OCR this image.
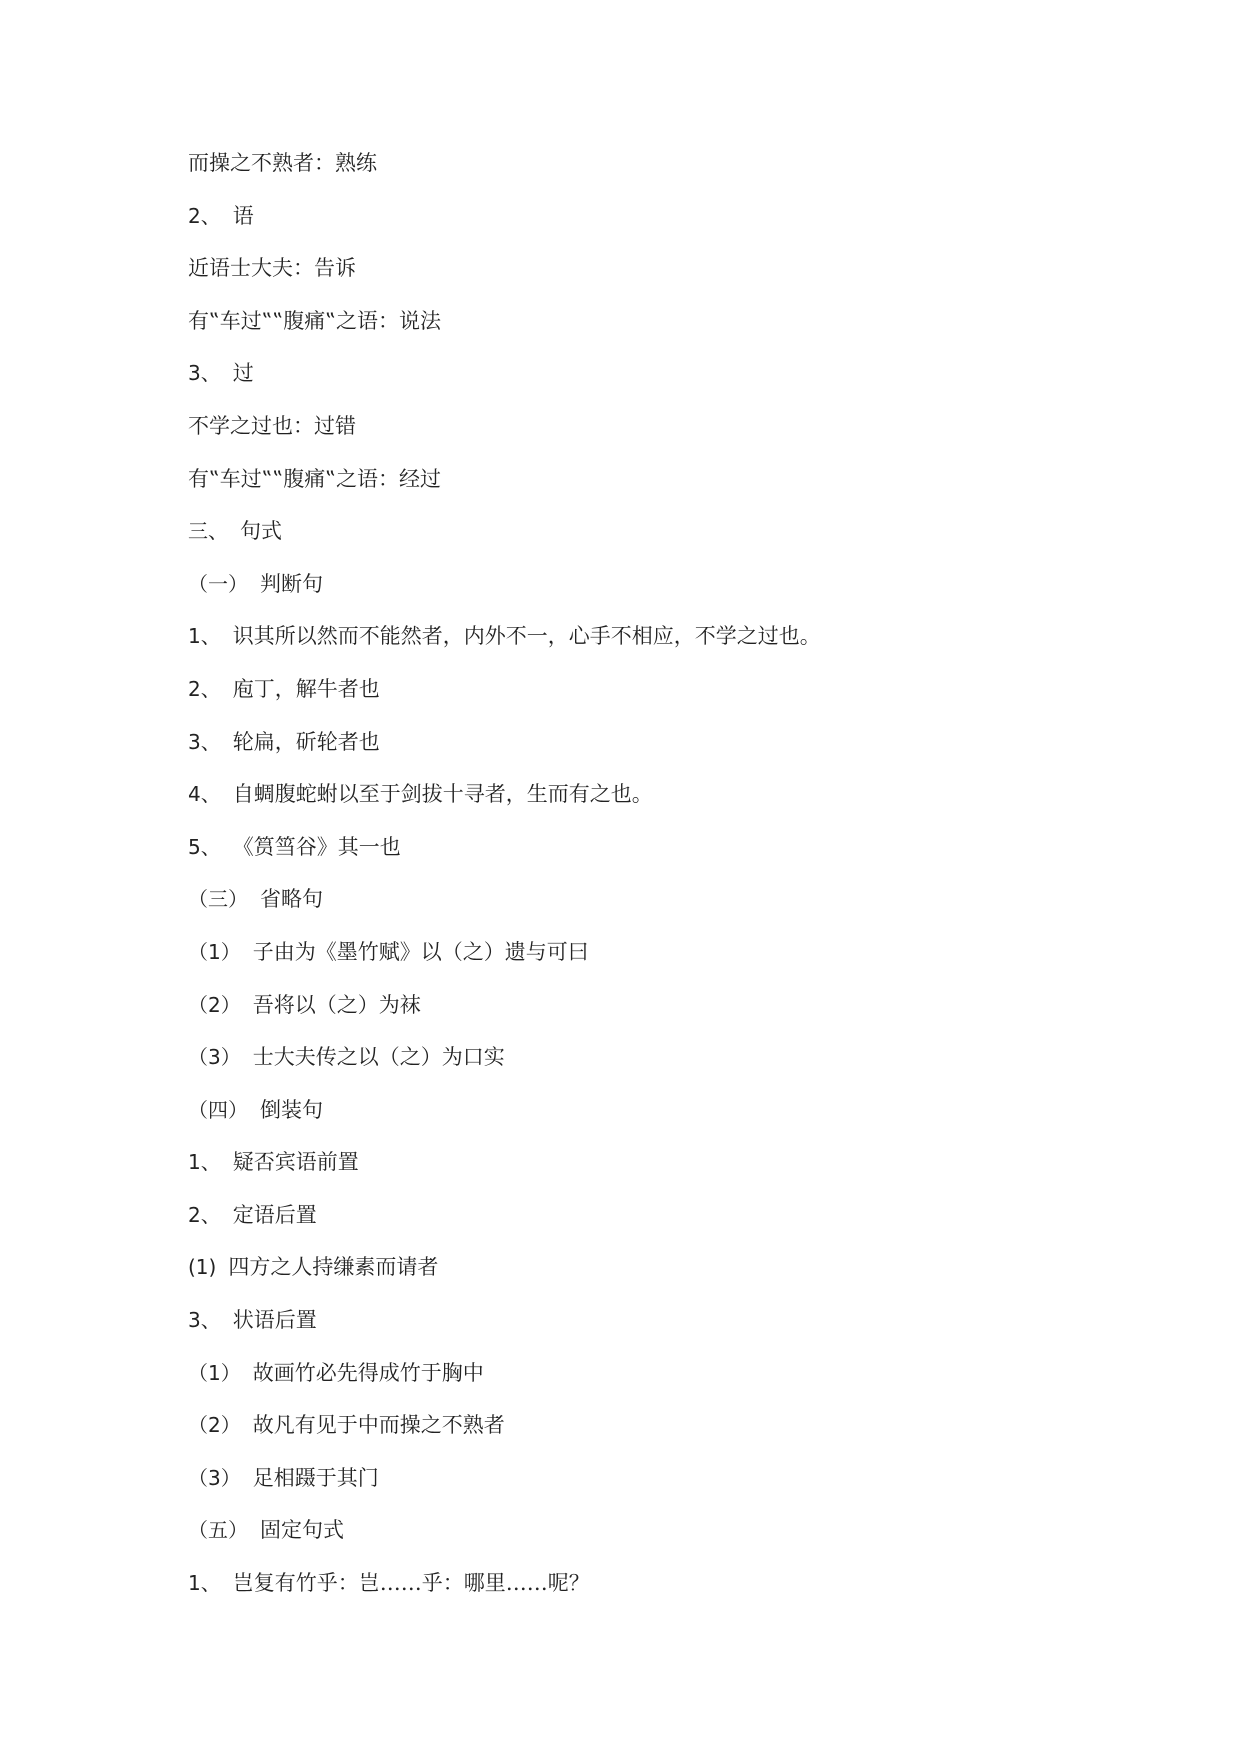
而操之不熟者：熟练
2、 语
近语士大夫：告诉
有‟车过‟‟腹痛‟之语：说法
3、 过
不学之过也：过错
有‟车过‟‟腹痛‟之语：经过
三、 句式
（一） 判断句
1、 识其所以然而不能然者，内外不一，心手不相应，不学之过也。
2、 庖丁，解牛者也
3、 轮扁，斫轮者也
4、 自蜩腹蛇蚹以至于剑拔十寻者，生而有之也。
5、 《筼筜谷》其一也
（三） 省略句
（1） 子由为《墨竹赋》以（之）遗与可曰
（2） 吾将以（之）为袜
（3） 士大夫传之以（之）为口实
（四） 倒装句
1、 疑否宾语前置
2、 定语后置
(1) 四方之人持缣素而请者
3、 状语后置
（1） 故画竹必先得成竹于胸中
（2） 故凡有见于中而操之不熟者
（3） 足相蹑于其门
（五） 固定句式
1、 岂复有竹乎：岂……乎：哪里……呢？
